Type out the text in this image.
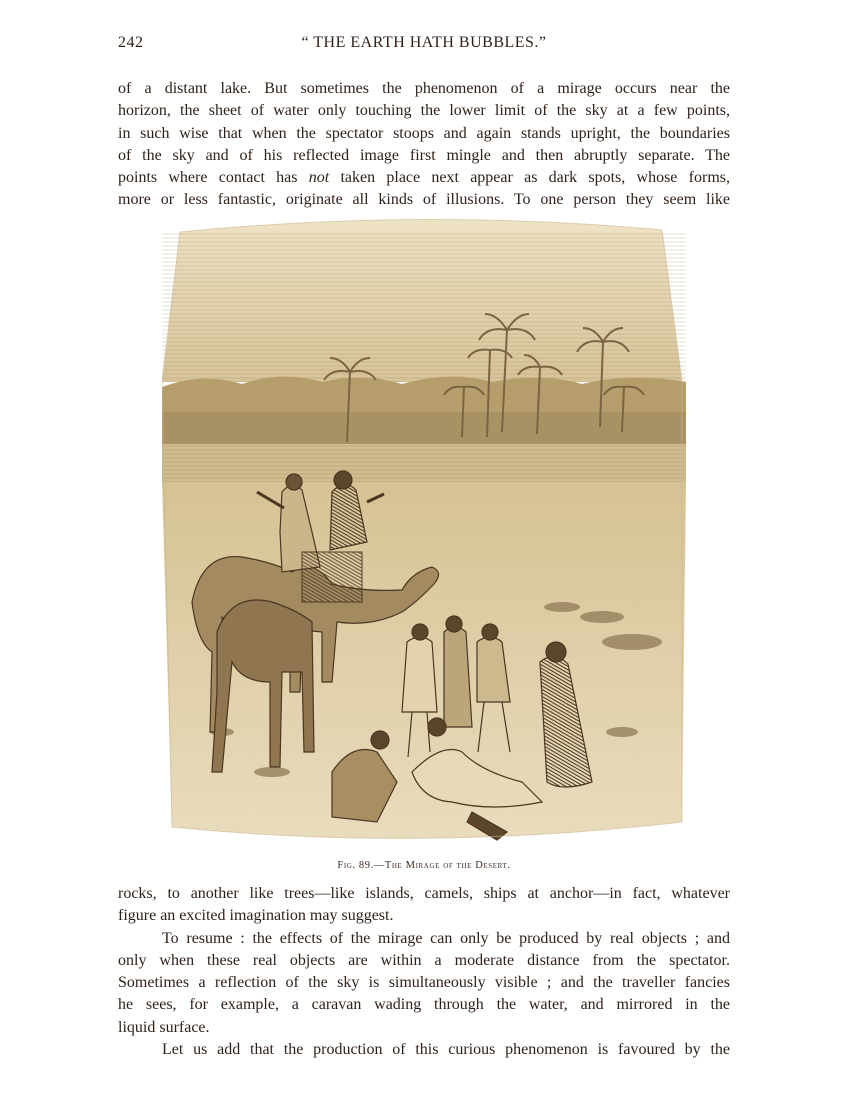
242	“ THE EARTH HATH BUBBLES.”
of a distant lake. But sometimes the phenomenon of a mirage occurs near the
horizon, the sheet of water only touching the lower limit of the sky at a few points,
in such wise that when the spectator stoops and again stands upright, the boundaries
of the sky and of his reflected image first mingle and then abruptly separate. The
points where contact has not taken place next appear as dark spots, whose forms,
more or less fantastic, originate all kinds of illusions. To one person they seem like
Fig. 89.—The Mirage of the Desert.
rocks, to another like trees—like islands, camels, ships at anchor—in fact, whatever
figure an excited imagination may suggest.
To resume : the effects of the mirage can only be produced by real objects ; and
only when these real objects are within a moderate distance from the spectator.
Sometimes a reflection of the sky is simultaneously visible ; and the traveller fancies
he sees, for example, a caravan wading through the water, and mirrored in the
liquid surface.
Let us add that the production of this curious phenomenon is favoured by the
